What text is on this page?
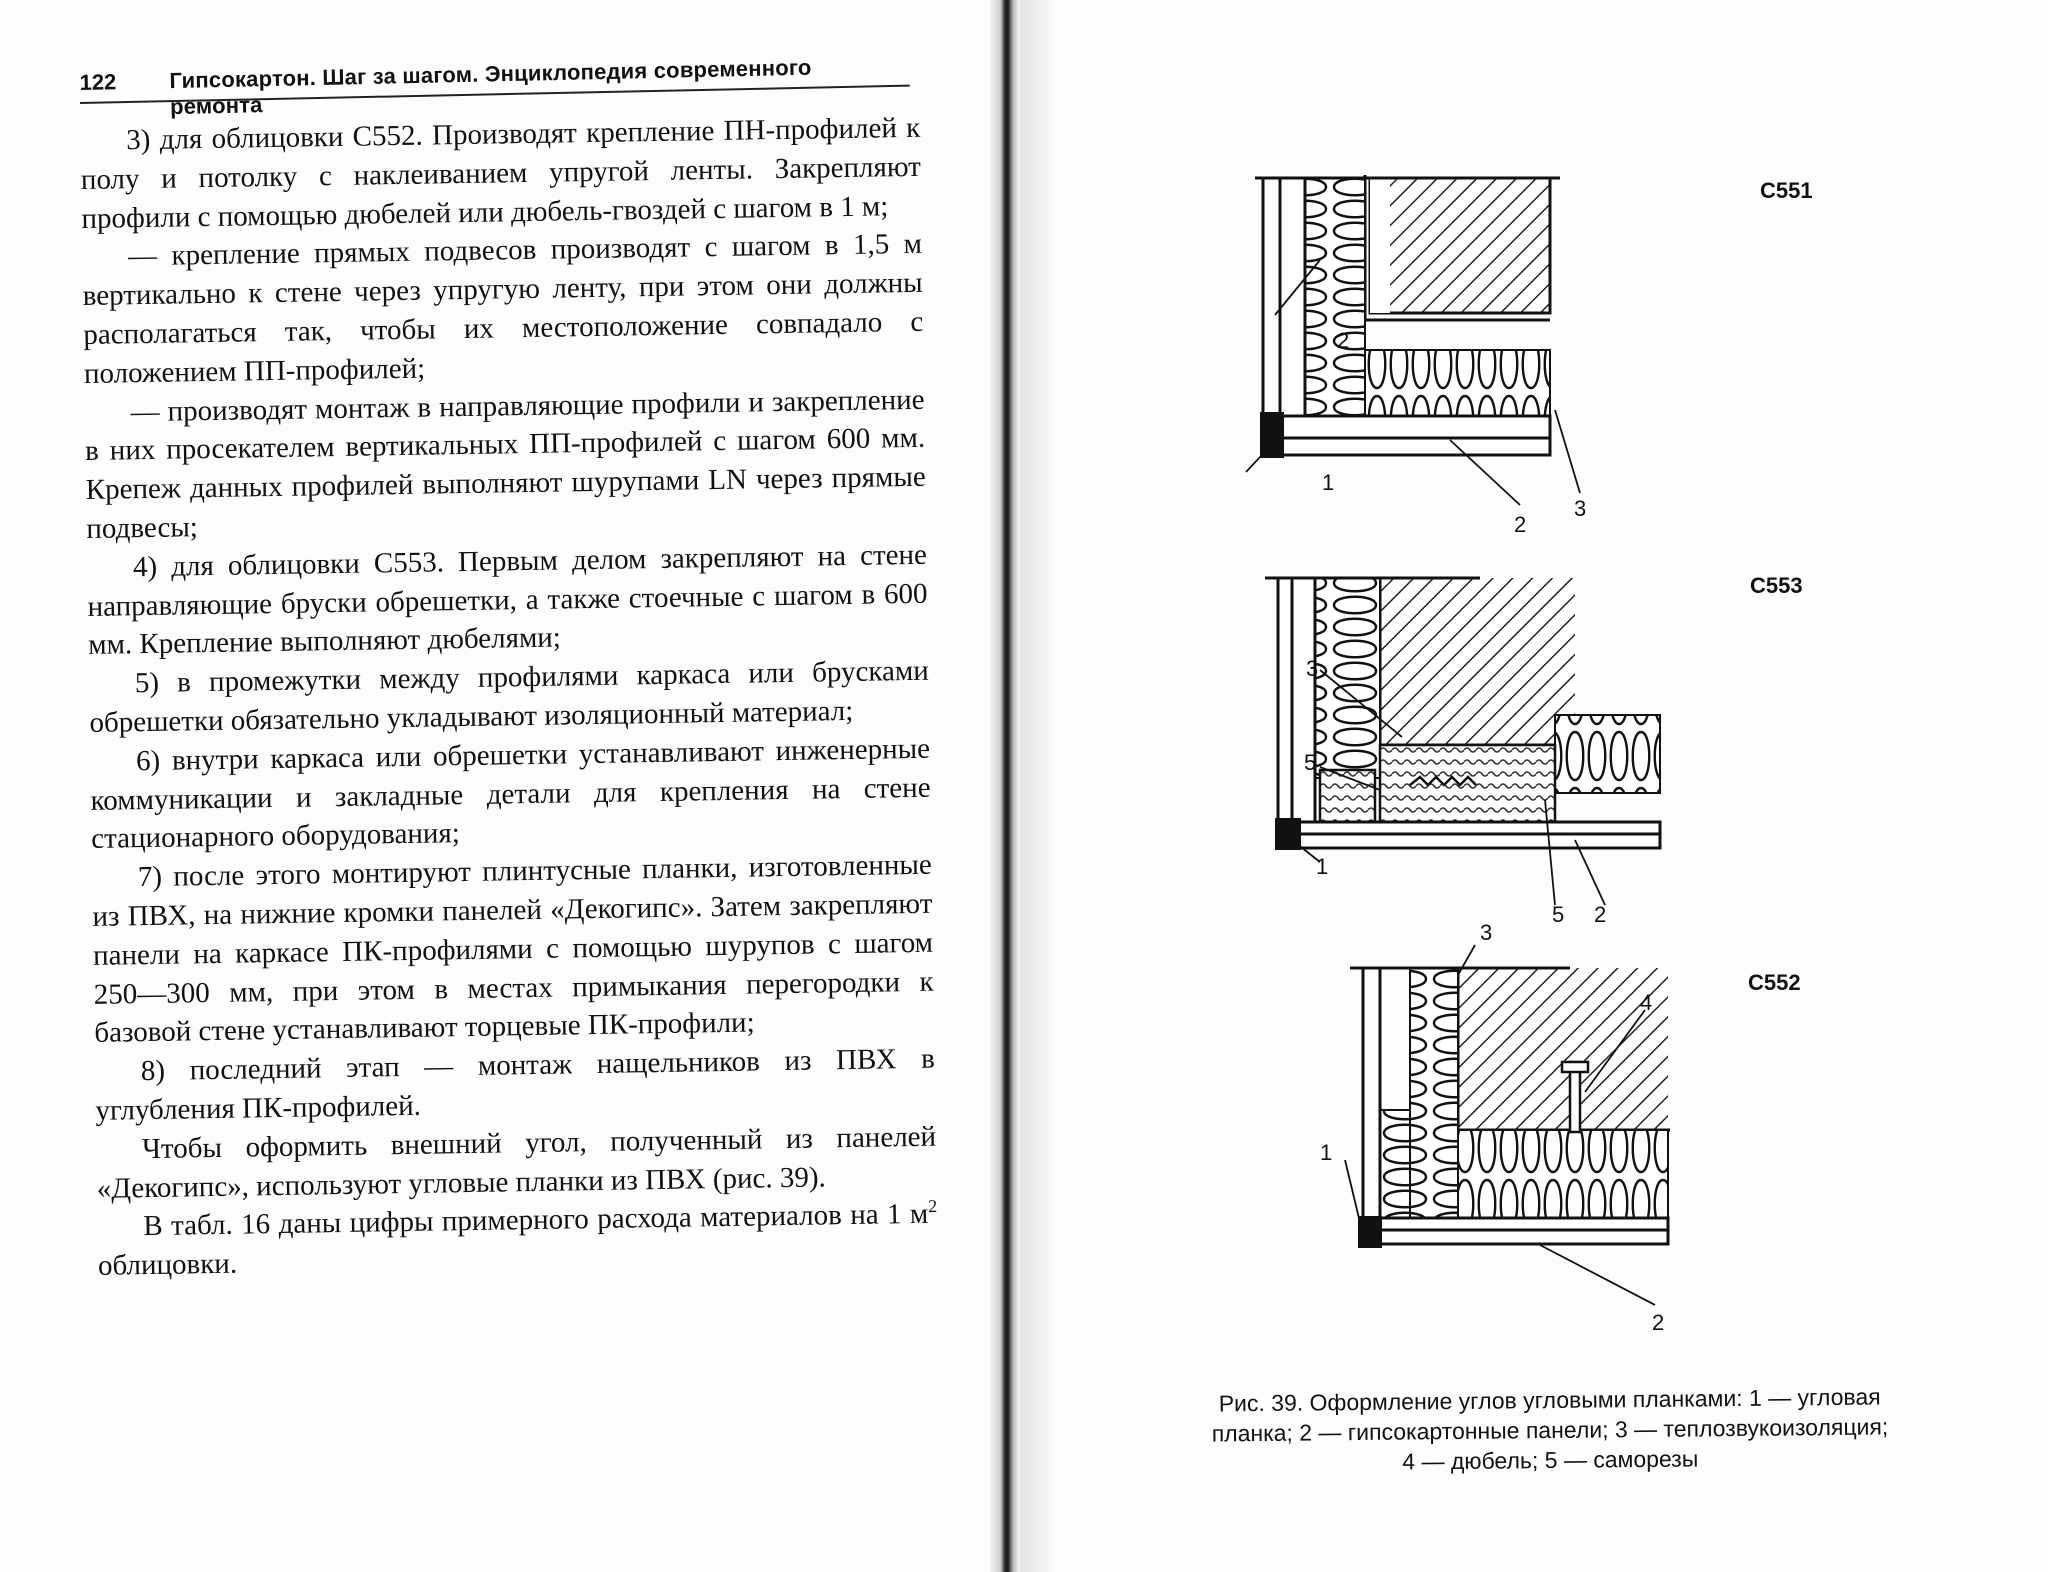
122 Гипсокартон. Шаг за шагом. Энциклопедия современного ремонта

3) для облицовки С552. Производят крепление ПН-профилей к полу и потолку с наклеиванием упругой ленты. Закрепляют профили с помощью дюбелей или дюбель-гвоздей с шагом в 1 м;

— крепление прямых подвесов производят с шагом в 1,5 м вертикально к стене через упругую ленту, при этом они должны располагаться так, чтобы их местоположение совпадало с положением ПП-профилей;

— производят монтаж в направляющие профили и закрепление в них просекателем вертикальных ПП-профилей с шагом 600 мм. Крепеж данных профилей выполняют шурупами LN через прямые подвесы;

4) для облицовки С553. Первым делом закрепляют на стене направляющие бруски обрешетки, а также стоечные с шагом в 600 мм. Крепление выполняют дюбелями;

5) в промежутки между профилями каркаса или брусками обрешетки обязательно укладывают изоляционный материал;

6) внутри каркаса или обрешетки устанавливают инженерные коммуникации и закладные детали для крепления на стене стационарного оборудования;

7) после этого монтируют плинтусные планки, изготовленные из ПВХ, на нижние кромки панелей «Декогипс». Затем закрепляют панели на каркасе ПК-профилями с помощью шурупов с шагом 250—300 мм, при этом в местах примыкания перегородки к базовой стене устанавливают торцевые ПК-профили;

8) последний этап — монтаж нащельников из ПВХ в углубления ПК-профилей.

Чтобы оформить внешний угол, полученный из панелей «Декогипс», используют угловые планки из ПВХ (рис. 39).

В табл. 16 даны цифры примерного расхода материалов на 1 $м^2$ облицовки.

С551
2
1
2
3
С553
3
5
1
5 2
С552
3
4
1
2
Рис. 39. Оформление углов угловыми планками: 1 — угловая
планка; 2 — гипсокартонные панели; 3 — теплозвукоизоляция;
4 — дюбель; 5 — саморезы
